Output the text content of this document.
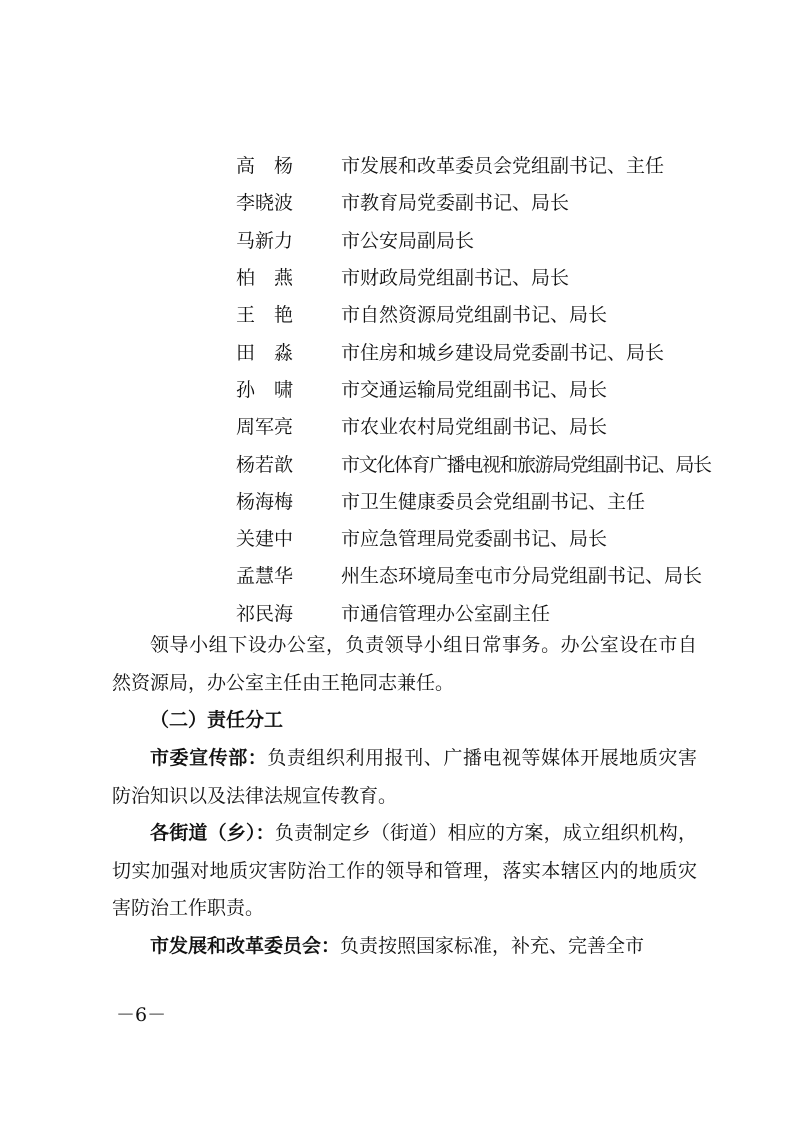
高　杨	市发展和改革委员会党组副书记、主任
李晓波	市教育局党委副书记、局长
马新力	市公安局副局长
柏　燕	市财政局党组副书记、局长
王　艳	市自然资源局党组副书记、局长
田　淼	市住房和城乡建设局党委副书记、局长
孙　啸	市交通运输局党组副书记、局长
周军亮	市农业农村局党组副书记、局长
杨若歆	市文化体育广播电视和旅游局党组副书记、局长
杨海梅	市卫生健康委员会党组副书记、主任
关建中	市应急管理局党委副书记、局长
孟慧华	州生态环境局奎屯市分局党组副书记、局长
祁民海	市通信管理办公室副主任

领导小组下设办公室，负责领导小组日常事务。办公室设在市自然资源局，办公室主任由王艳同志兼任。

（二）责任分工

市委宣传部：负责组织利用报刊、广播电视等媒体开展地质灾害防治知识以及法律法规宣传教育。

各街道（乡）：负责制定乡（街道）相应的方案，成立组织机构，切实加强对地质灾害防治工作的领导和管理，落实本辖区内的地质灾害防治工作职责。

市发展和改革委员会：负责按照国家标准，补充、完善全市

－6－
